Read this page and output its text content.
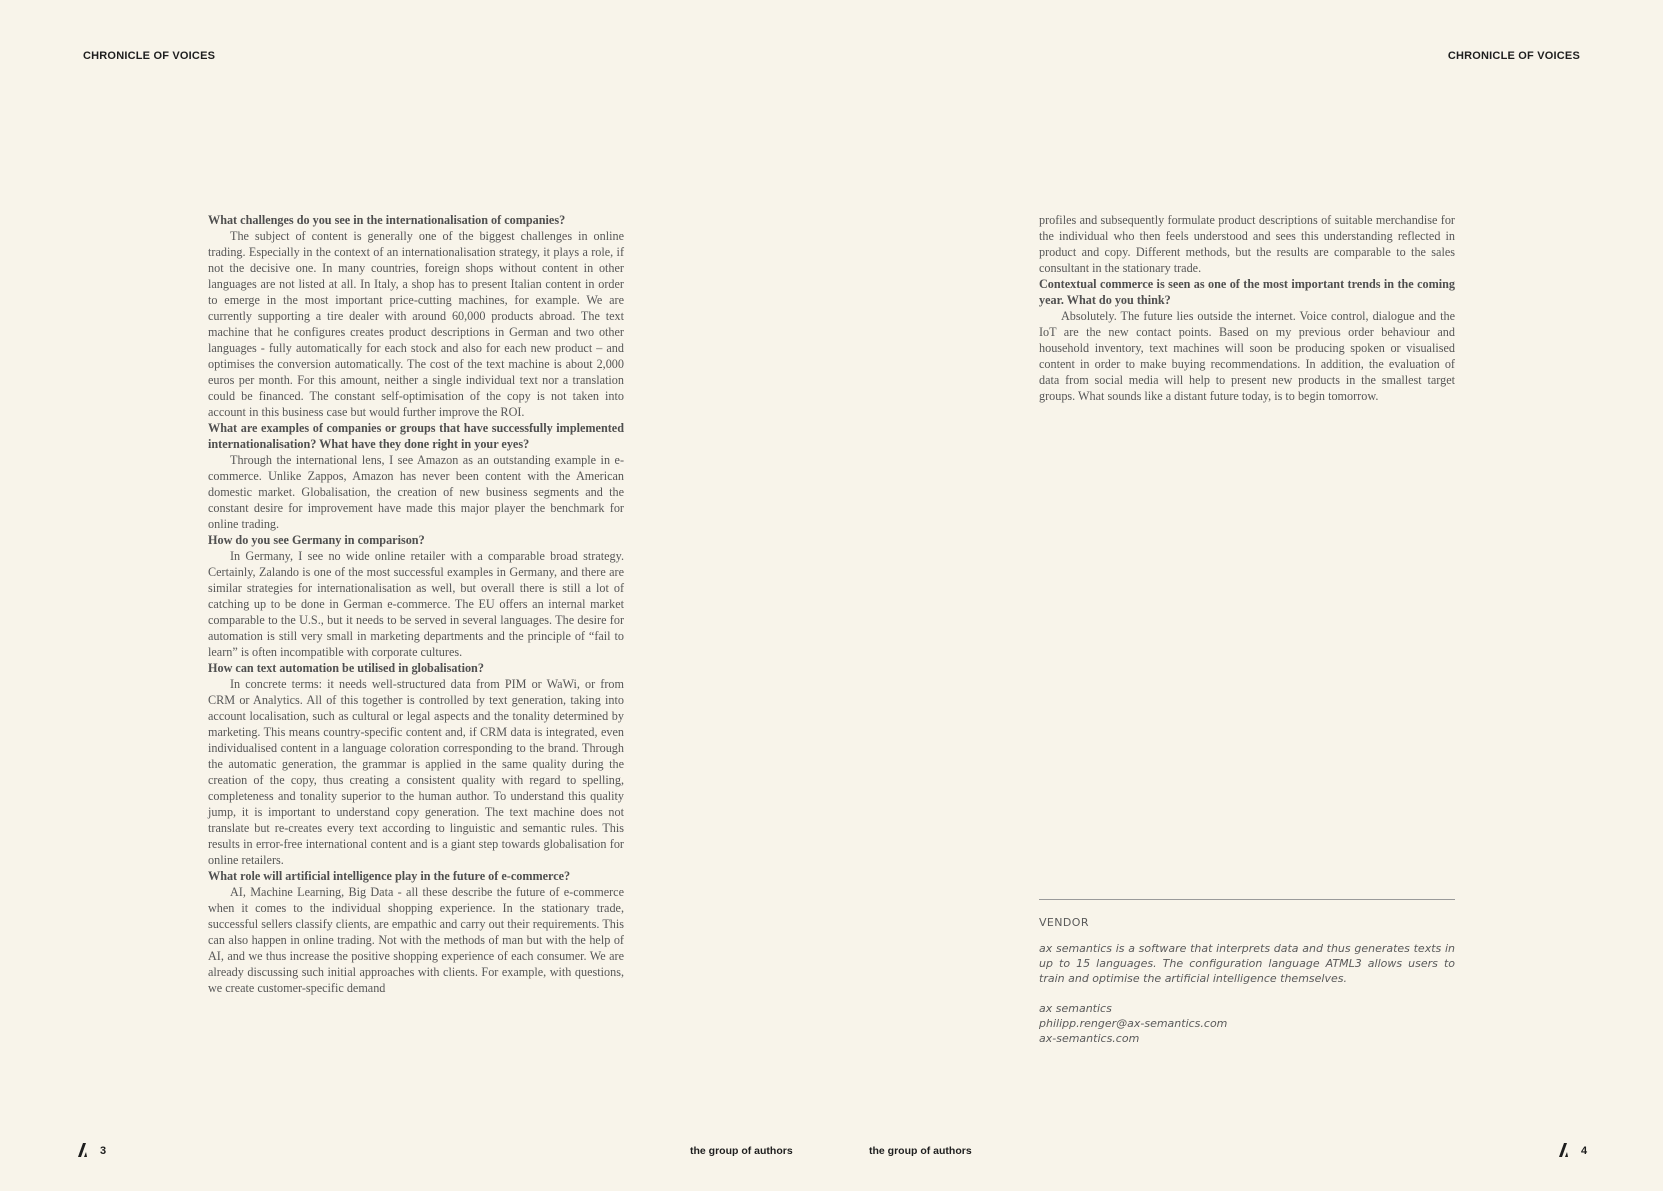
CHRONICLE OF VOICES	CHRONICLE OF VOICES

What challenges do you see in the internationalisation of companies?

The subject of content is generally one of the biggest challenges in online trading. Especially in the context of an internationalisation strategy, it plays a role, if not the decisive one. In many countries, foreign shops without content in other languages are not listed at all. In Italy, a shop has to present Italian content in order to emerge in the most important price-cutting machines, for example. We are currently supporting a tire dealer with around 60,000 products abroad. The text machine that he configures creates product descriptions in German and two other languages - fully automatically for each stock and also for each new product – and optimises the conversion automatically. The cost of the text machine is about 2,000 euros per month. For this amount, neither a single individual text nor a translation could be financed. The constant self-optimisation of the copy is not taken into account in this business case but would further improve the ROI.

What are examples of companies or groups that have successfully implemented internationalisation? What have they done right in your eyes?

Through the international lens, I see Amazon as an outstanding example in e-commerce. Unlike Zappos, Amazon has never been content with the American domestic market. Globalisation, the creation of new business segments and the constant desire for improvement have made this major player the benchmark for online trading.

How do you see Germany in comparison?

In Germany, I see no wide online retailer with a comparable broad strategy. Certainly, Zalando is one of the most successful examples in Germany, and there are similar strategies for internationalisation as well, but overall there is still a lot of catching up to be done in German e-commerce. The EU offers an internal market comparable to the U.S., but it needs to be served in several languages. The desire for automation is still very small in marketing departments and the principle of “fail to learn” is often incompatible with corporate cultures.

How can text automation be utilised in globalisation?

In concrete terms: it needs well-structured data from PIM or WaWi, or from CRM or Analytics. All of this together is controlled by text generation, taking into account localisation, such as cultural or legal aspects and the tonality determined by marketing. This means country-specific content and, if CRM data is integrated, even individualised content in a language coloration corresponding to the brand. Through the automatic generation, the grammar is applied in the same quality during the creation of the copy, thus creating a consistent quality with regard to spelling, completeness and tonality superior to the human author. To understand this quality jump, it is important to understand copy generation. The text machine does not translate but re-creates every text according to linguistic and semantic rules. This results in error-free international content and is a giant step towards globalisation for online retailers.

What role will artificial intelligence play in the future of e-commerce?

AI, Machine Learning, Big Data - all these describe the future of e-commerce when it comes to the individual shopping experience. In the stationary trade, successful sellers classify clients, are empathic and carry out their requirements. This can also happen in online trading. Not with the methods of man but with the help of AI, and we thus increase the positive shopping experience of each consumer. We are already discussing such initial approaches with clients. For example, with questions, we create customer-specific demand

profiles and subsequently formulate product descriptions of suitable merchandise for the individual who then feels understood and sees this understanding reflected in product and copy. Different methods, but the results are comparable to the sales consultant in the stationary trade.

Contextual commerce is seen as one of the most important trends in the coming year. What do you think?

Absolutely. The future lies outside the internet. Voice control, dialogue and the IoT are the new contact points. Based on my previous order behaviour and household inventory, text machines will soon be producing spoken or visualised content in order to make buying recommendations. In addition, the evaluation of data from social media will help to present new products in the smallest target groups. What sounds like a distant future today, is to begin tomorrow.

VENDOR

ax semantics is a software that interprets data and thus generates texts in up to 15 languages. The configuration language ATML3 allows users to train and optimise the artificial intelligence themselves.

ax semantics

philipp.renger@ax-semantics.com

ax-semantics.com

3	the group of authors	the group of authors	4
